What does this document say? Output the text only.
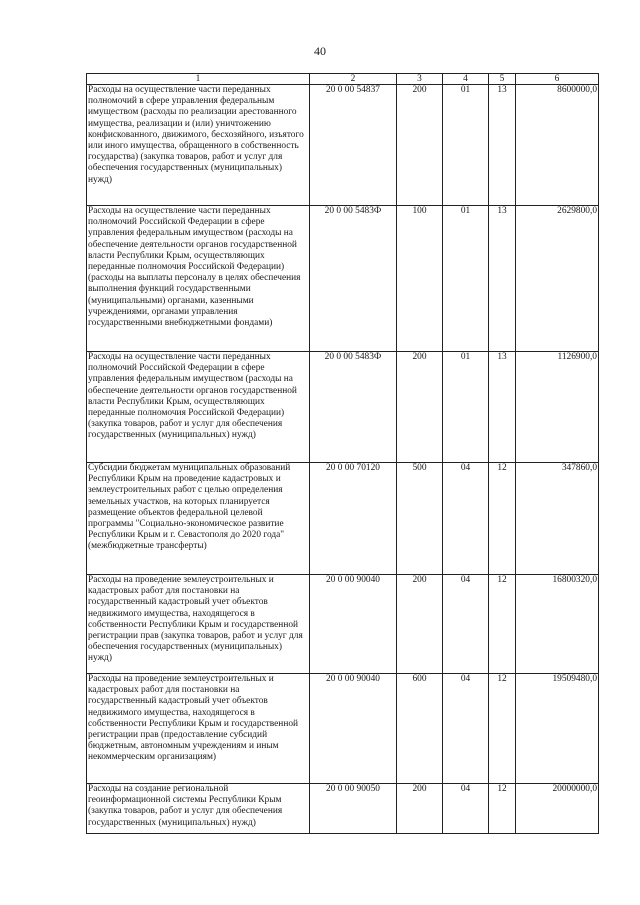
40
1	2	3	4	5	6
Расходы на осуществление части переданных полномочий в сфере управления федеральным имуществом (расходы по реализации арестованного имущества, реализации и (или) уничтожению конфискованного, движимого, бесхозяйного, изъятого или иного имущества, обращенного в собственность государства) (закупка товаров, работ и услуг для обеспечения государственных (муниципальных) нужд)	20 0 00 54837	200	01	13	8600000,0
Расходы на осуществление части переданных полномочий Российской Федерации в сфере управления федеральным имуществом (расходы на обеспечение деятельности органов государственной власти Республики Крым, осуществляющих переданные полномочия Российской Федерации) (расходы на выплаты персоналу в целях обеспечения выполнения функций государственными (муниципальными) органами, казенными учреждениями, органами управления государственными внебюджетными фондами)	20 0 00 5483Ф	100	01	13	2629800,0
Расходы на осуществление части переданных полномочий Российской Федерации в сфере управления федеральным имуществом (расходы на обеспечение деятельности органов государственной власти Республики Крым, осуществляющих переданные полномочия Российской Федерации) (закупка товаров, работ и услуг для обеспечения государственных (муниципальных) нужд)	20 0 00 5483Ф	200	01	13	1126900,0
Субсидии бюджетам муниципальных образований Республики Крым на проведение кадастровых и землеустроительных работ с целью определения земельных участков, на которых планируется размещение объектов федеральной целевой программы "Социально-экономическое развитие Республики Крым и г. Севастополя до 2020 года" (межбюджетные трансферты)	20 0 00 70120	500	04	12	347860,0
Расходы на проведение землеустроительных и кадастровых работ для постановки на государственный кадастровый учет объектов недвижимого имущества, находящегося в собственности Республики Крым и государственной регистрации прав (закупка товаров, работ и услуг для обеспечения государственных (муниципальных) нужд)	20 0 00 90040	200	04	12	16800320,0
Расходы на проведение землеустроительных и кадастровых работ для постановки на государственный кадастровый учет объектов недвижимого имущества, находящегося в собственности Республики Крым и государственной регистрации прав (предоставление субсидий бюджетным, автономным учреждениям и иным некоммерческим организациям)	20 0 00 90040	600	04	12	19509480,0
Расходы на создание региональной геоинформационной системы Республики Крым (закупка товаров, работ и услуг для обеспечения государственных (муниципальных) нужд)	20 0 00 90050	200	04	12	20000000,0
